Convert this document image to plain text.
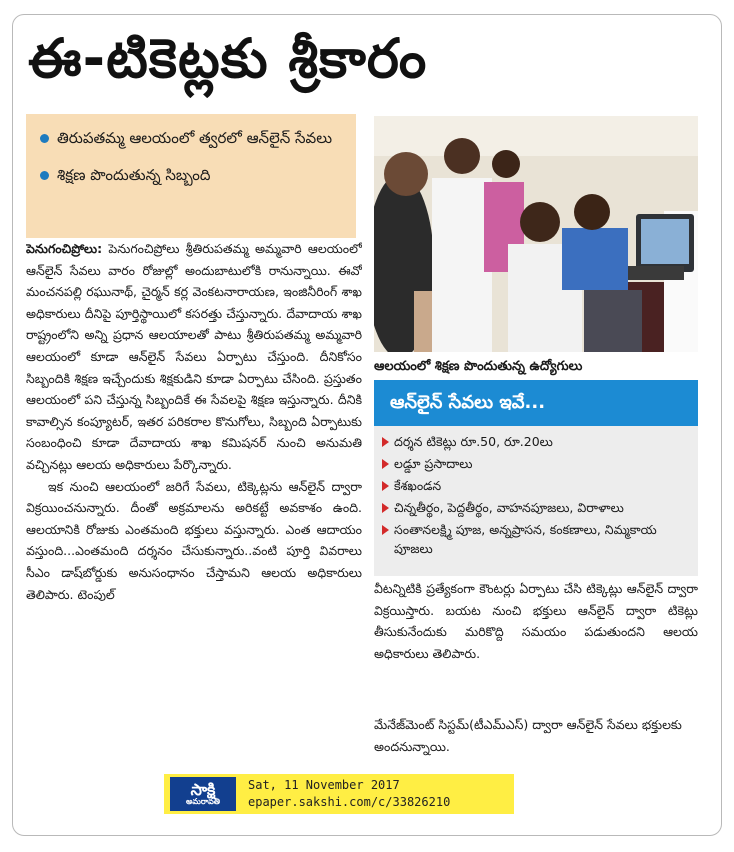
ఈ-టికెట్లకు శ్రీకారం
తిరుపతమ్మ ఆలయంలో త్వరలో ఆన్‌లైన్ సేవలు
శిక్షణ పొందుతున్న సిబ్బంది
ఆలయంలో శిక్షణ పొందుతున్న ఉద్యోగులు

పెనుగంచిప్రోలు: పెనుగంచిప్రోలు శ్రీతిరుపతమ్మ అమ్మవారి ఆలయంలో ఆన్‌లైన్ సేవలు వారం రోజుల్లో అందుబాటులోకి రానున్నాయి. ఈవో మంచనపల్లి రఘునాథ్, చైర్మన్ కర్ల వెంకటనారాయణ, ఇంజినీరింగ్ శాఖ అధికారులు దీనిపై పూర్తిస్థాయిలో కసరత్తు చేస్తున్నారు. దేవాదాయ శాఖ రాష్ట్రంలోని అన్ని ప్రధాన ఆలయాలతో పాటు శ్రీతిరుపతమ్మ అమ్మవారి ఆలయంలో కూడా ఆన్‌లైన్ సేవలు ఏర్పాటు చేస్తుంది. దీనికోసం సిబ్బందికి శిక్షణ ఇచ్చేందుకు శిక్షకుడిని కూడా ఏర్పాటు చేసింది. ప్రస్తుతం ఆలయంలో పని చేస్తున్న సిబ్బందికే ఈ సేవలపై శిక్షణ ఇస్తున్నారు. దీనికి కావాల్సిన కంప్యూటర్, ఇతర పరికరాల కొనుగోలు, సిబ్బంది ఏర్పాటుకు సంబంధించి కూడా దేవాదాయ శాఖ కమిషనర్ నుంచి అనుమతి వచ్చినట్లు ఆలయ అధికారులు పేర్కొన్నారు.

ఇక నుంచి ఆలయంలో జరిగే సేవలు, టిక్కెట్లను ఆన్‌లైన్ ద్వారా విక్రయించనున్నారు. దీంతో అక్రమాలను అరికట్టే అవకాశం ఉంది. ఆలయానికి రోజుకు ఎంతమంది భక్తులు వస్తున్నారు. ఎంత ఆదాయం వస్తుంది...ఎంతమంది దర్శనం చేసుకున్నారు..వంటి పూర్తి వివరాలు సీఎం డాష్‌బోర్డుకు అనుసంధానం చేస్తామని ఆలయ అధికారులు తెలిపారు. టెంపుల్

ఆన్‌లైన్ సేవలు ఇవే...
దర్శన టికెట్లు రూ.50, రూ.20లు
లడ్డూ ప్రసాదాలు
కేశఖండన
చిన్నతీర్థం, పెద్దతీర్థం, వాహనపూజలు, విరాళాలు
సంతానలక్ష్మి పూజ, అన్నప్రాసన, కంకణాలు, నిమ్మకాయ పూజలు

వీటన్నిటికి ప్రత్యేకంగా కౌంటర్లు ఏర్పాటు చేసి టిక్కెట్లు ఆన్‌లైన్ ద్వారా విక్రయిస్తారు. బయట నుంచి భక్తులు ఆన్‌లైన్ ద్వారా టికెట్లు తీసుకునేందుకు మరికొద్ది సమయం పడుతుందని ఆలయ అధికారులు తెలిపారు.

మేనేజ్‌మెంట్ సిస్టమ్(టీఎమ్ఎస్) ద్వారా ఆన్‌లైన్ సేవలు భక్తులకు అందనున్నాయి.

సాక్షి
అమరావతి
Sat, 11 November 2017
epaper.sakshi.com/c/33826210
